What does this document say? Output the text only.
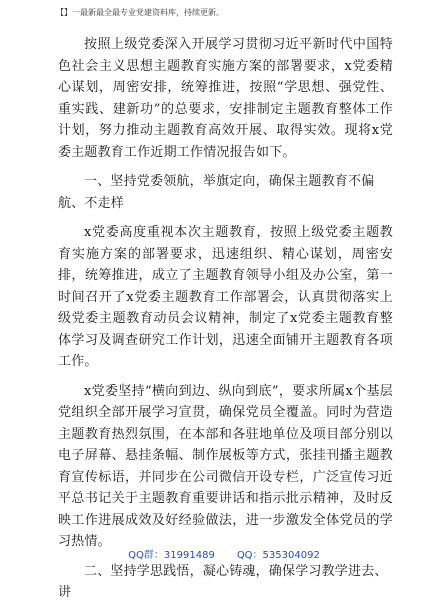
【】一最新最全最专业党建资料库，持续更新。

按照上级党委深入开展学习贯彻习近平新时代中国特色社会主义思想主题教育实施方案的部署要求，x党委精心谋划，周密安排，统筹推进，按照“学思想、强党性、重实践、建新功”的总要求，安排制定主题教育整体工作计划，努力推动主题教育高效开展、取得实效。现将x党委主题教育工作近期工作情况报告如下。

一、坚持党委领航，举旗定向，确保主题教育不偏航、不走样

x党委高度重视本次主题教育，按照上级党委主题教育实施方案的部署要求，迅速组织、精心谋划，周密安排，统筹推进，成立了主题教育领导小组及办公室，第一时间召开了x党委主题教育工作部署会，认真贯彻落实上级党委主题教育动员会议精神，制定了x党委主题教育整体学习及调查研究工作计划，迅速全面铺开主题教育各项工作。

x党委坚持“横向到边、纵向到底”，要求所属x个基层党组织全部开展学习宣贯，确保党员全覆盖。同时为营造主题教育热烈氛围，在本部和各驻地单位及项目部分别以电子屏幕、悬挂条幅、制作展板等方式，张挂刊播主题教育宣传标语，并同步在公司微信开设专栏，广泛宣传习近平总书记关于主题教育重要讲话和指示批示精神，及时反映工作进展成效及好经验做法，进一步激发全体党员的学习热情。

二、坚持学思践悟，凝心铸魂，确保学习教学进去、讲

QQ群：31991489 QQ：535304092
